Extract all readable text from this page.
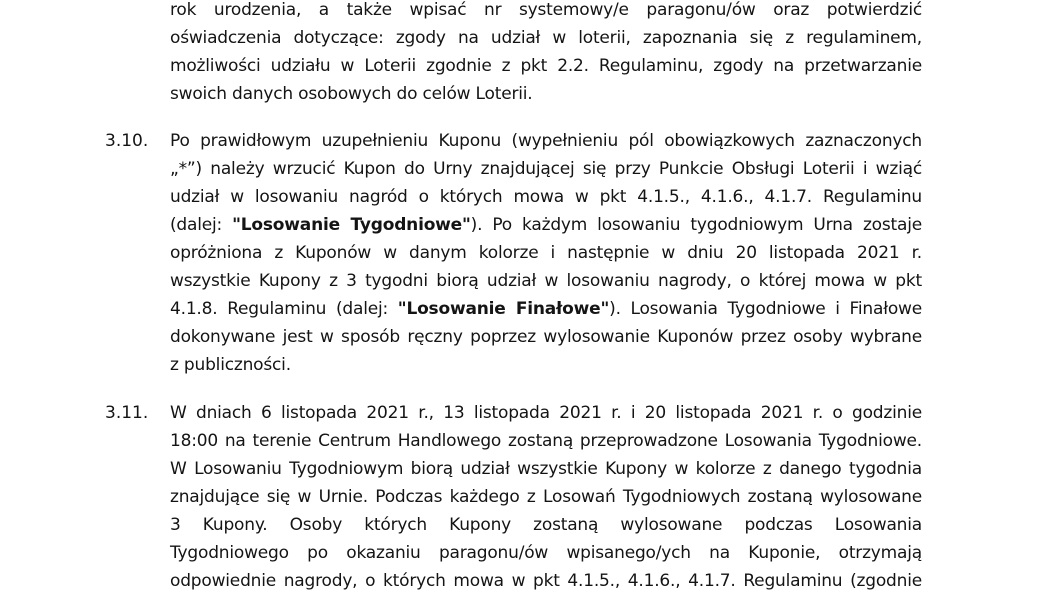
rok urodzenia, a także wpisać nr systemowy/e paragonu/ów oraz potwierdzić
oświadczenia dotyczące: zgody na udział w loterii, zapoznania się z regulaminem,
możliwości udziału w Loterii zgodnie z pkt 2.2. Regulaminu, zgody na przetwarzanie
swoich danych osobowych do celów Loterii.
3.10. Po prawidłowym uzupełnieniu Kuponu (wypełnieniu pól obowiązkowych zaznaczonych
„*”) należy wrzucić Kupon do Urny znajdującej się przy Punkcie Obsługi Loterii i wziąć
udział w losowaniu nagród o których mowa w pkt 4.1.5., 4.1.6., 4.1.7. Regulaminu
(dalej: "Losowanie Tygodniowe"). Po każdym losowaniu tygodniowym Urna zostaje
opróżniona z Kuponów w danym kolorze i następnie w dniu 20 listopada 2021 r.
wszystkie Kupony z 3 tygodni biorą udział w losowaniu nagrody, o której mowa w pkt
4.1.8. Regulaminu (dalej: "Losowanie Finałowe"). Losowania Tygodniowe i Finałowe
dokonywane jest w sposób ręczny poprzez wylosowanie Kuponów przez osoby wybrane
z publiczności.
3.11. W dniach 6 listopada 2021 r., 13 listopada 2021 r. i 20 listopada 2021 r. o godzinie
18:00 na terenie Centrum Handlowego zostaną przeprowadzone Losowania Tygodniowe.
W Losowaniu Tygodniowym biorą udział wszystkie Kupony w kolorze z danego tygodnia
znajdujące się w Urnie. Podczas każdego z Losowań Tygodniowych zostaną wylosowane
3 Kupony. Osoby których Kupony zostaną wylosowane podczas Losowania
Tygodniowego po okazaniu paragonu/ów wpisanego/ych na Kuponie, otrzymają
odpowiednie nagrody, o których mowa w pkt 4.1.5., 4.1.6., 4.1.7. Regulaminu (zgodnie
